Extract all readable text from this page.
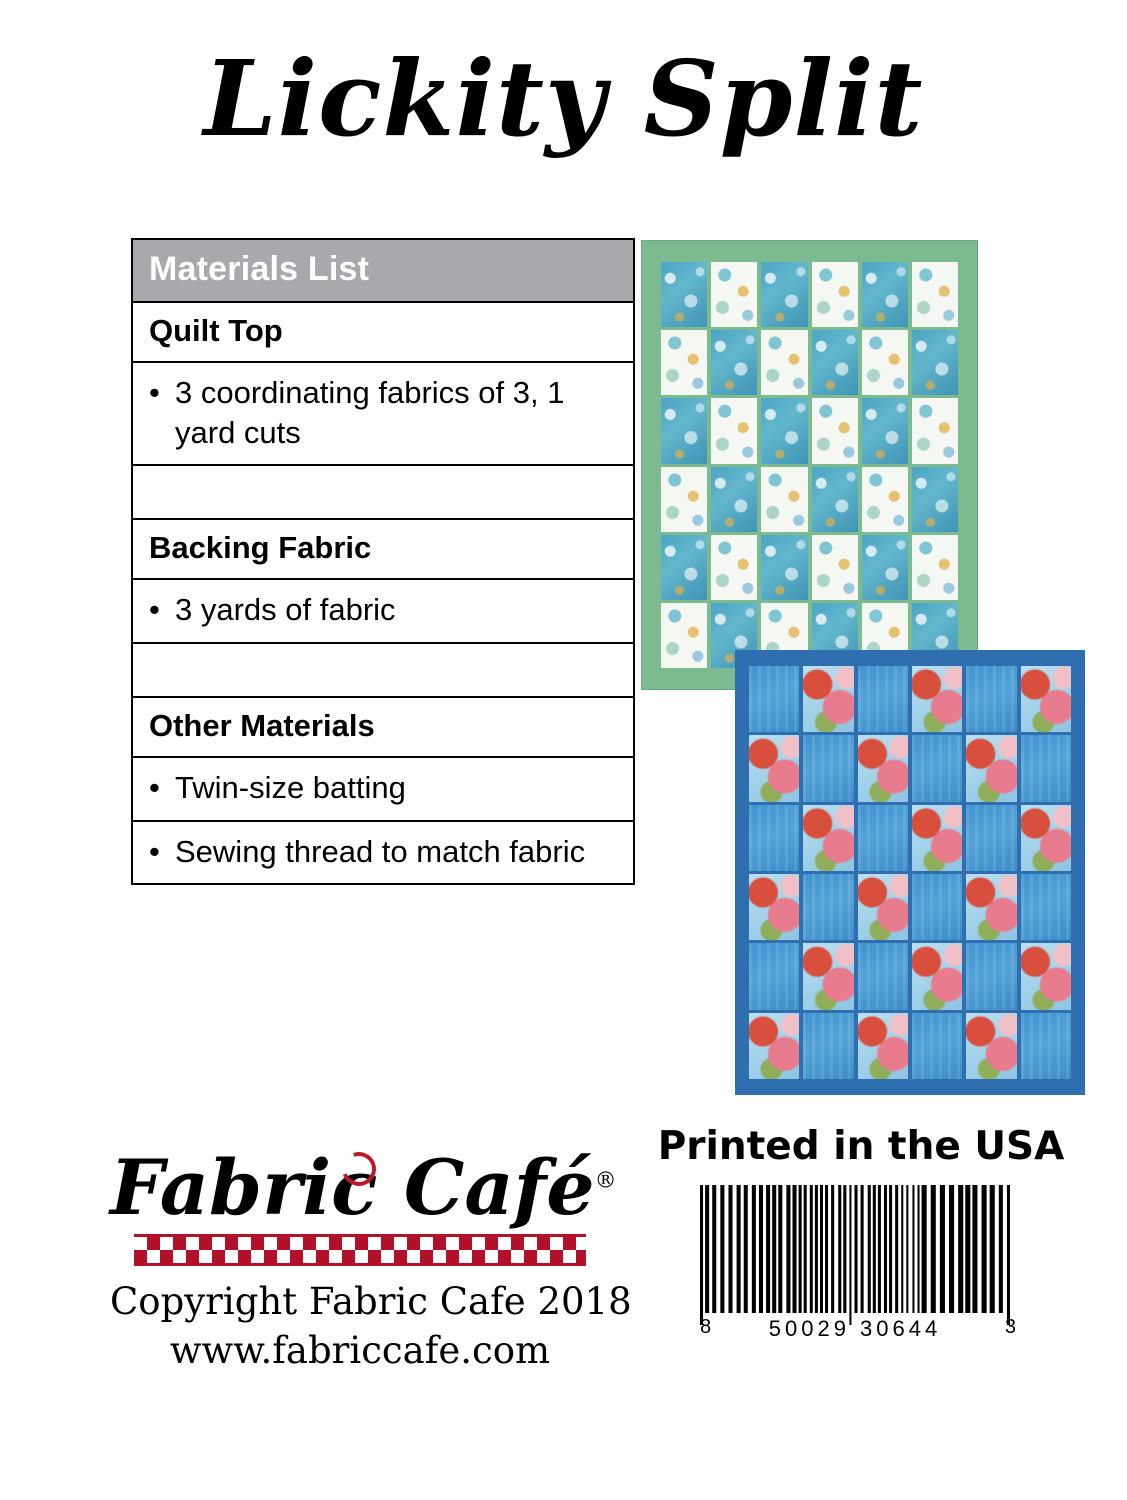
Lickity Split
Materials List
Quilt Top
• 3 coordinating fabrics of 3, 1 yard cuts
Backing Fabric
• 3 yards of fabric
Other Materials
• Twin-size batting
• Sewing thread to match fabric
Printed in the USA
8	50029 30644	3
Fabric Café®
Copyright Fabric Cafe 2018
www.fabriccafe.com
